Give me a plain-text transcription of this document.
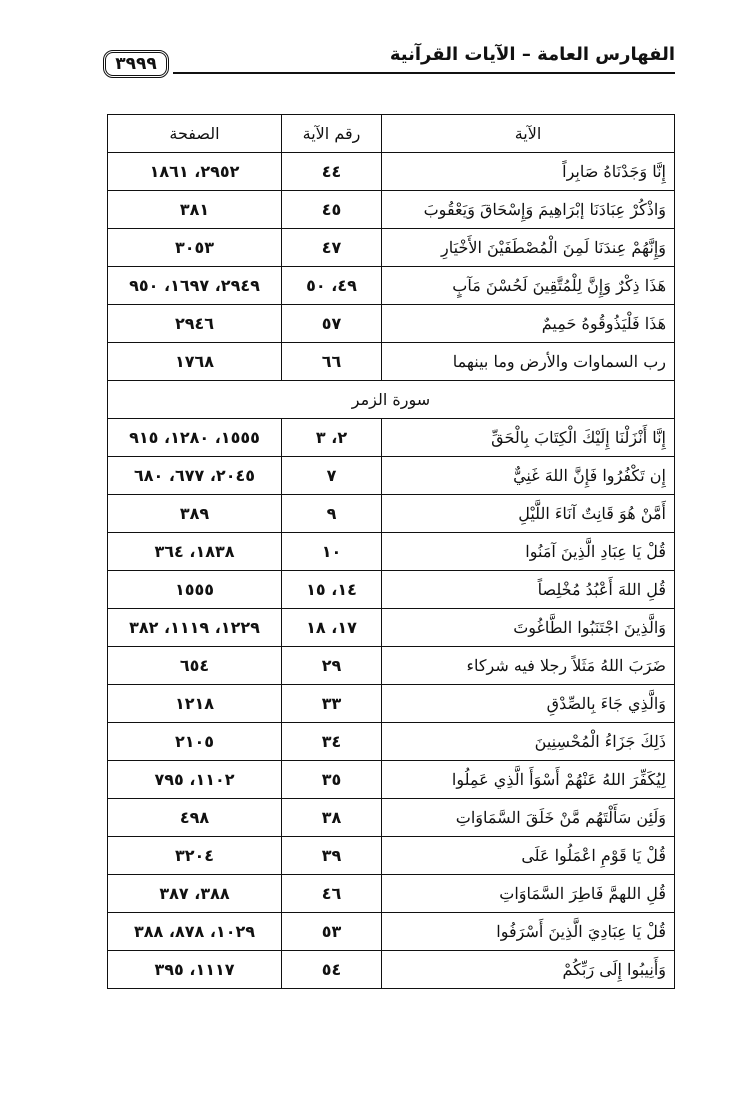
الفهارس العامة – الآيات القرآنية
٣٩٩٩
الآية	رقم الآية	الصفحة
إِنَّا وَجَدْنَاهُ صَابِراً	٤٤	٢٩٥٢، ١٨٦١
وَاذْكُرْ عِبَادَنَا إبْرَاهِيمَ وَإِسْحَاقَ وَيَعْقُوبَ	٤٥	٣٨١
وَإِنَّهُمْ عِندَنَا لَمِنَ الْمُصْطَفَيْنَ الأَخْيَارِ	٤٧	٣٠٥٣
هَذَا ذِكْرٌ وَإِنَّ لِلْمُتَّقِينَ لَحُسْنَ مَآبٍ	٤٩، ٥٠	٢٩٤٩، ١٦٩٧، ٩٥٠
هَذَا فَلْيَذُوقُوهُ حَمِيمٌ	٥٧	٢٩٤٦
رب السماوات والأرض وما بينهما	٦٦	١٧٦٨
سورة الزمر		
إِنَّا أَنْزَلْنَا إِلَيْكَ الْكِتَابَ بِالْحَقِّ	٢، ٣	١٥٥٥، ١٢٨٠، ٩١٥
إِن تَكْفُرُوا فَإِنَّ اللهَ غَنِيٌّ	٧	٢٠٤٥، ٦٧٧، ٦٨٠
أَمَّنْ هُوَ قَانِتٌ آنَاءَ اللَّيْلِ	٩	٣٨٩
قُلْ يَا عِبَادِ الَّذِينَ آمَنُوا	١٠	١٨٣٨، ٣٦٤
قُلِ اللهَ أَعْبُدُ مُخْلِصاً	١٤، ١٥	١٥٥٥
وَالَّذِينَ اجْتَنَبُوا الطَّاغُوتَ	١٧، ١٨	١٢٢٩، ١١١٩، ٣٨٢
ضَرَبَ اللهُ مَثَلاً رجلا فيه شركاء	٢٩	٦٥٤
وَالَّذِي جَاءَ بِالصِّدْقِ	٣٣	١٢١٨
ذَلِكَ جَزَاءُ الْمُحْسِنِينَ	٣٤	٢١٠٥
لِيُكَفِّرَ اللهُ عَنْهُمْ أَسْوَأَ الَّذِي عَمِلُوا	٣٥	١١٠٢، ٧٩٥
وَلَئِن سَأَلْتَهُم مَّنْ خَلَقَ السَّمَاوَاتِ	٣٨	٤٩٨
قُلْ يَا قَوْمِ اعْمَلُوا عَلَى	٣٩	٣٢٠٤
قُلِ اللهمَّ فَاطِرَ السَّمَاوَاتِ	٤٦	٣٨٨، ٣٨٧
قُلْ يَا عِبَادِيَ الَّذِينَ أَسْرَفُوا	٥٣	١٠٢٩، ٨٧٨، ٣٨٨
وَأَنِيبُوا إِلَى رَبِّكُمْ	٥٤	١١١٧، ٣٩٥
